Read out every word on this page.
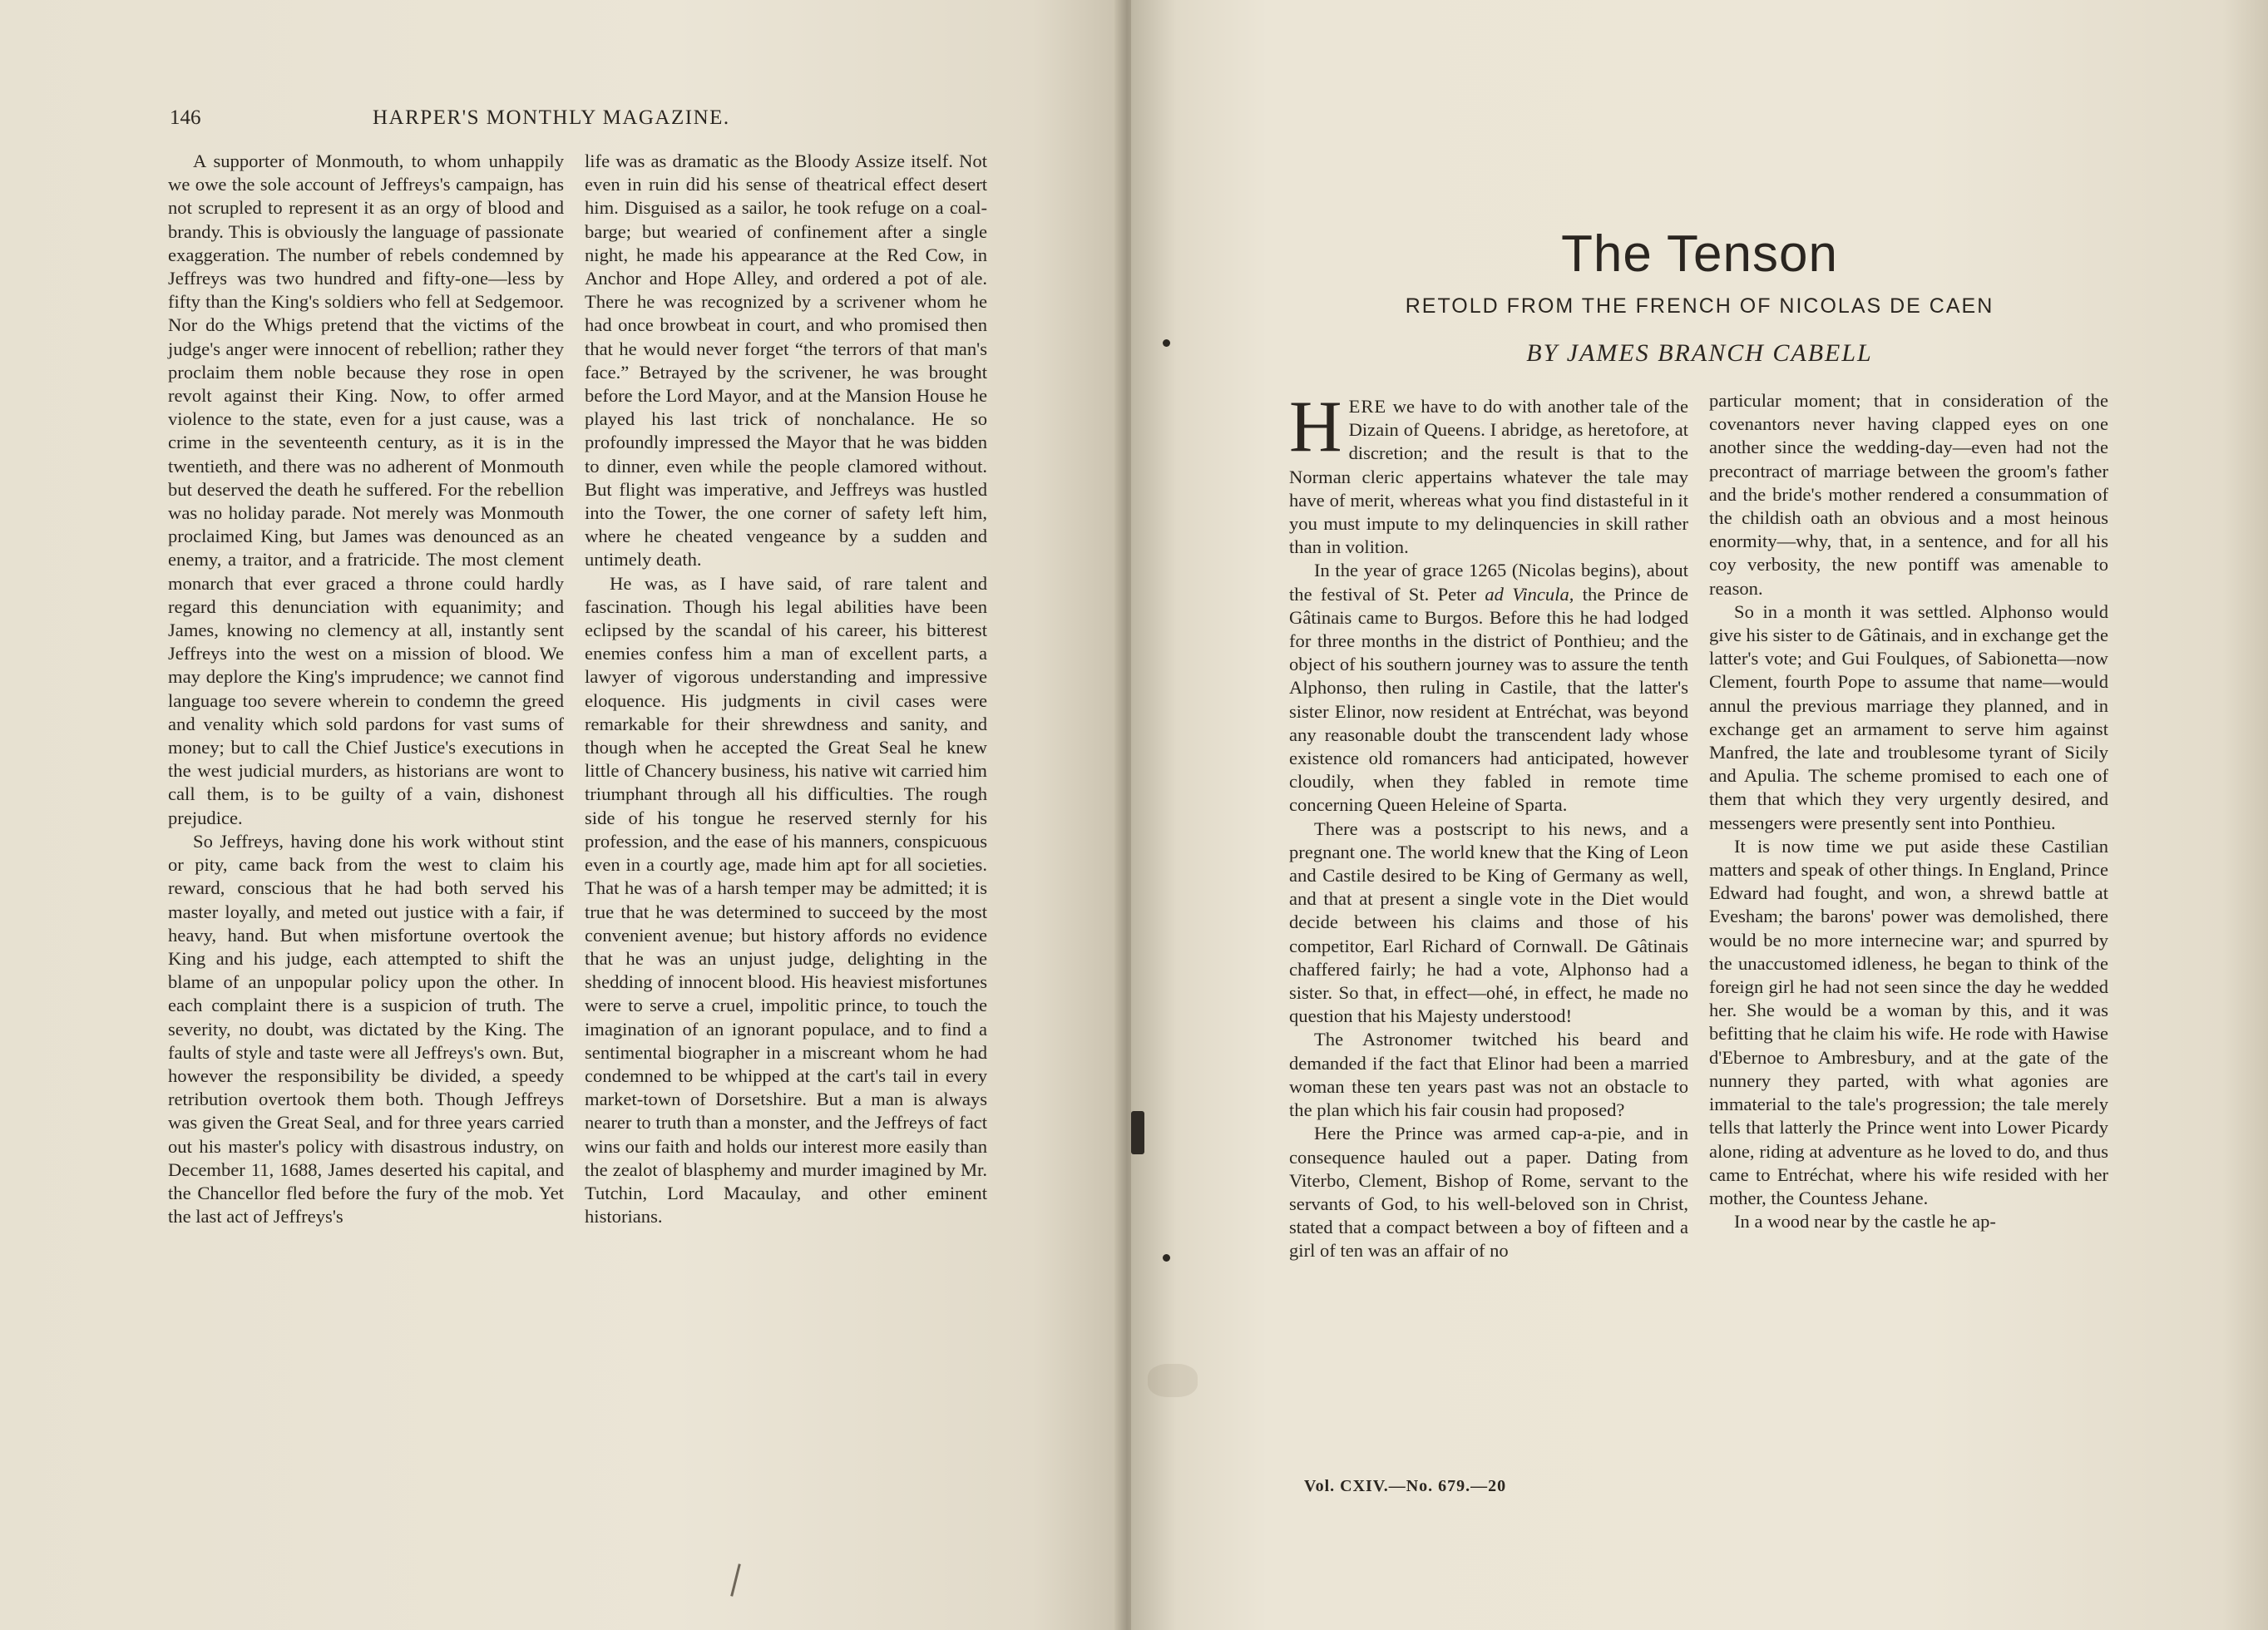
146	HARPER'S MONTHLY MAGAZINE.

A supporter of Monmouth, to whom unhappily we owe the sole account of Jeffreys's campaign, has not scrupled to represent it as an orgy of blood and brandy. This is obviously the language of passionate exaggeration. The number of rebels condemned by Jeffreys was two hundred and fifty-one—less by fifty than the King's soldiers who fell at Sedgemoor. Nor do the Whigs pretend that the victims of the judge's anger were innocent of rebellion; rather they proclaim them noble because they rose in open revolt against their King. Now, to offer armed violence to the state, even for a just cause, was a crime in the seventeenth century, as it is in the twentieth, and there was no adherent of Monmouth but deserved the death he suffered. For the rebellion was no holiday parade. Not merely was Monmouth proclaimed King, but James was denounced as an enemy, a traitor, and a fratricide. The most clement monarch that ever graced a throne could hardly regard this denunciation with equanimity; and James, knowing no clemency at all, instantly sent Jeffreys into the west on a mission of blood. We may deplore the King's imprudence; we cannot find language too severe wherein to condemn the greed and venality which sold pardons for vast sums of money; but to call the Chief Justice's executions in the west judicial murders, as historians are wont to call them, is to be guilty of a vain, dishonest prejudice.

So Jeffreys, having done his work without stint or pity, came back from the west to claim his reward, conscious that he had both served his master loyally, and meted out justice with a fair, if heavy, hand. But when misfortune overtook the King and his judge, each attempted to shift the blame of an unpopular policy upon the other. In each complaint there is a suspicion of truth. The severity, no doubt, was dictated by the King. The faults of style and taste were all Jeffreys's own. But, however the responsibility be divided, a speedy retribution overtook them both. Though Jeffreys was given the Great Seal, and for three years carried out his master's policy with disastrous industry, on December 11, 1688, James deserted his capital, and the Chancellor fled before the fury of the mob. Yet the last act of Jeffreys's

life was as dramatic as the Bloody Assize itself. Not even in ruin did his sense of theatrical effect desert him. Disguised as a sailor, he took refuge on a coal-barge; but wearied of confinement after a single night, he made his appearance at the Red Cow, in Anchor and Hope Alley, and ordered a pot of ale. There he was recognized by a scrivener whom he had once browbeat in court, and who promised then that he would never forget “the terrors of that man's face.” Betrayed by the scrivener, he was brought before the Lord Mayor, and at the Mansion House he played his last trick of nonchalance. He so profoundly impressed the Mayor that he was bidden to dinner, even while the people clamored without. But flight was imperative, and Jeffreys was hustled into the Tower, the one corner of safety left him, where he cheated vengeance by a sudden and untimely death.

He was, as I have said, of rare talent and fascination. Though his legal abilities have been eclipsed by the scandal of his career, his bitterest enemies confess him a man of excellent parts, a lawyer of vigorous understanding and impressive eloquence. His judgments in civil cases were remarkable for their shrewdness and sanity, and though when he accepted the Great Seal he knew little of Chancery business, his native wit carried him triumphant through all his difficulties. The rough side of his tongue he reserved sternly for his profession, and the ease of his manners, conspicuous even in a courtly age, made him apt for all societies. That he was of a harsh temper may be admitted; it is true that he was determined to succeed by the most convenient avenue; but history affords no evidence that he was an unjust judge, delighting in the shedding of innocent blood. His heaviest misfortunes were to serve a cruel, impolitic prince, to touch the imagination of an ignorant populace, and to find a sentimental biographer in a miscreant whom he had condemned to be whipped at the cart's tail in every market-town of Dorsetshire. But a man is always nearer to truth than a monster, and the Jeffreys of fact wins our faith and holds our interest more easily than the zealot of blasphemy and murder imagined by Mr. Tutchin, Lord Macaulay, and other eminent historians.

The Tenson
RETOLD FROM THE FRENCH OF NICOLAS DE CAEN
BY JAMES BRANCH CABELL

HERE we have to do with another tale of the Dizain of Queens. I abridge, as heretofore, at discretion; and the result is that to the Norman cleric appertains whatever the tale may have of merit, whereas what you find distasteful in it you must impute to my delinquencies in skill rather than in volition.

In the year of grace 1265 (Nicolas begins), about the festival of St. Peter ad Vincula, the Prince de Gâtinais came to Burgos. Before this he had lodged for three months in the district of Ponthieu; and the object of his southern journey was to assure the tenth Alphonso, then ruling in Castile, that the latter's sister Elinor, now resident at Entréchat, was beyond any reasonable doubt the transcendent lady whose existence old romancers had anticipated, however cloudily, when they fabled in remote time concerning Queen Heleine of Sparta.

There was a postscript to his news, and a pregnant one. The world knew that the King of Leon and Castile desired to be King of Germany as well, and that at present a single vote in the Diet would decide between his claims and those of his competitor, Earl Richard of Cornwall. De Gâtinais chaffered fairly; he had a vote, Alphonso had a sister. So that, in effect—ohé, in effect, he made no question that his Majesty understood!

The Astronomer twitched his beard and demanded if the fact that Elinor had been a married woman these ten years past was not an obstacle to the plan which his fair cousin had proposed?

Here the Prince was armed cap-a-pie, and in consequence hauled out a paper. Dating from Viterbo, Clement, Bishop of Rome, servant to the servants of God, to his well-beloved son in Christ, stated that a compact between a boy of fifteen and a girl of ten was an affair of no

particular moment; that in consideration of the covenantors never having clapped eyes on one another since the wedding-day—even had not the precontract of marriage between the groom's father and the bride's mother rendered a consummation of the childish oath an obvious and a most heinous enormity—why, that, in a sentence, and for all his coy verbosity, the new pontiff was amenable to reason.

So in a month it was settled. Alphonso would give his sister to de Gâtinais, and in exchange get the latter's vote; and Gui Foulques, of Sabionetta—now Clement, fourth Pope to assume that name—would annul the previous marriage they planned, and in exchange get an armament to serve him against Manfred, the late and troublesome tyrant of Sicily and Apulia. The scheme promised to each one of them that which they very urgently desired, and messengers were presently sent into Ponthieu.

It is now time we put aside these Castilian matters and speak of other things. In England, Prince Edward had fought, and won, a shrewd battle at Evesham; the barons' power was demolished, there would be no more internecine war; and spurred by the unaccustomed idleness, he began to think of the foreign girl he had not seen since the day he wedded her. She would be a woman by this, and it was befitting that he claim his wife. He rode with Hawise d'Ebernoe to Ambresbury, and at the gate of the nunnery they parted, with what agonies are immaterial to the tale's progression; the tale merely tells that latterly the Prince went into Lower Picardy alone, riding at adventure as he loved to do, and thus came to Entréchat, where his wife resided with her mother, the Countess Jehane.

In a wood near by the castle he ap-

Vol. CXIV.—No. 679.—20
